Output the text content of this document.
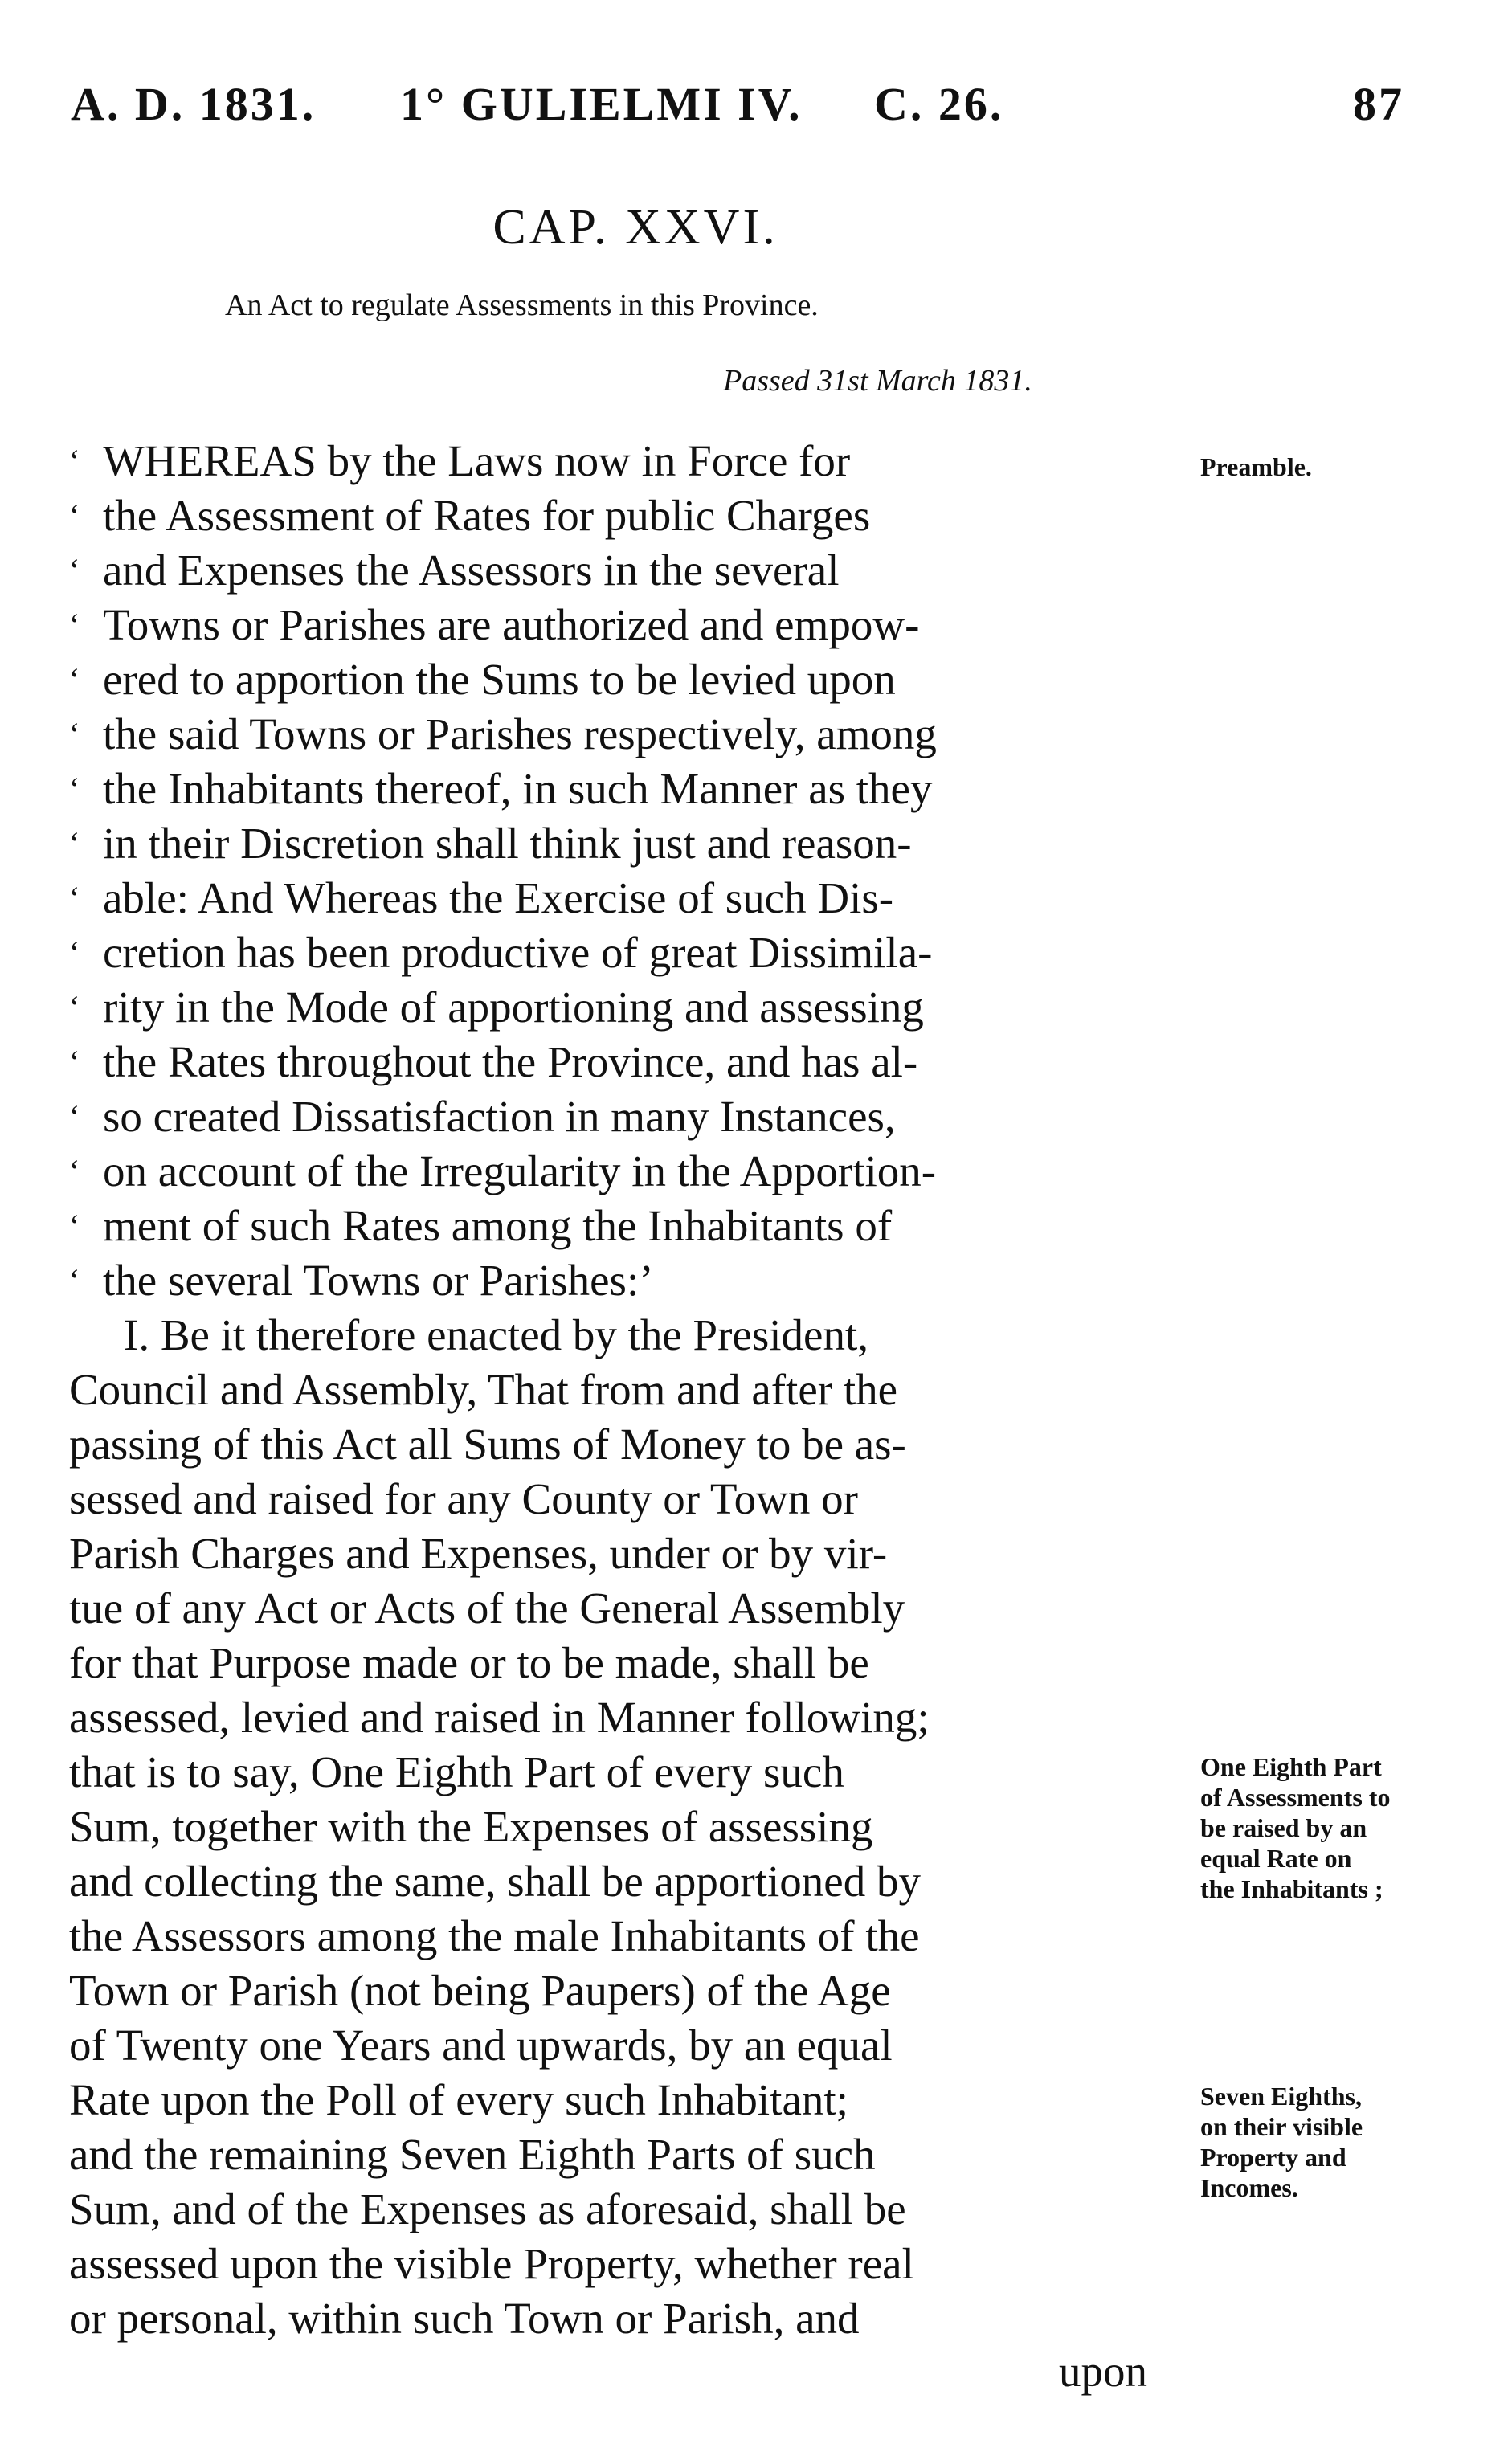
A. D. 1831. 1° GULIELMI IV. C. 26.	87
CAP. XXVI.
An Act to regulate Assessments in this Province.
Passed 31st March 1831.
‘ WHEREAS by the Laws now in Force for
‘ the Assessment of Rates for public Charges
‘ and Expenses the Assessors in the several
‘ Towns or Parishes are authorized and empow-
‘ ered to apportion the Sums to be levied upon
‘ the said Towns or Parishes respectively, among
‘ the Inhabitants thereof, in such Manner as they
‘ in their Discretion shall think just and reason-
‘ able: And Whereas the Exercise of such Dis-
‘ cretion has been productive of great Dissimila-
‘ rity in the Mode of apportioning and assessing
‘ the Rates throughout the Province, and has al-
‘ so created Dissatisfaction in many Instances,
‘ on account of the Irregularity in the Apportion-
‘ ment of such Rates among the Inhabitants of
‘ the several Towns or Parishes:’
I. Be it therefore enacted by the President,
Council and Assembly, That from and after the
passing of this Act all Sums of Money to be as-
sessed and raised for any County or Town or
Parish Charges and Expenses, under or by vir-
tue of any Act or Acts of the General Assembly
for that Purpose made or to be made, shall be
assessed, levied and raised in Manner following;
that is to say, One Eighth Part of every such
Sum, together with the Expenses of assessing
and collecting the same, shall be apportioned by
the Assessors among the male Inhabitants of the
Town or Parish (not being Paupers) of the Age
of Twenty one Years and upwards, by an equal
Rate upon the Poll of every such Inhabitant;
and the remaining Seven Eighth Parts of such
Sum, and of the Expenses as aforesaid, shall be
assessed upon the visible Property, whether real
or personal, within such Town or Parish, and
Preamble.
One Eighth Part
of Assessments to
be raised by an
equal Rate on
the Inhabitants ;
Seven Eighths,
on their visible
Property and
Incomes.
upon
